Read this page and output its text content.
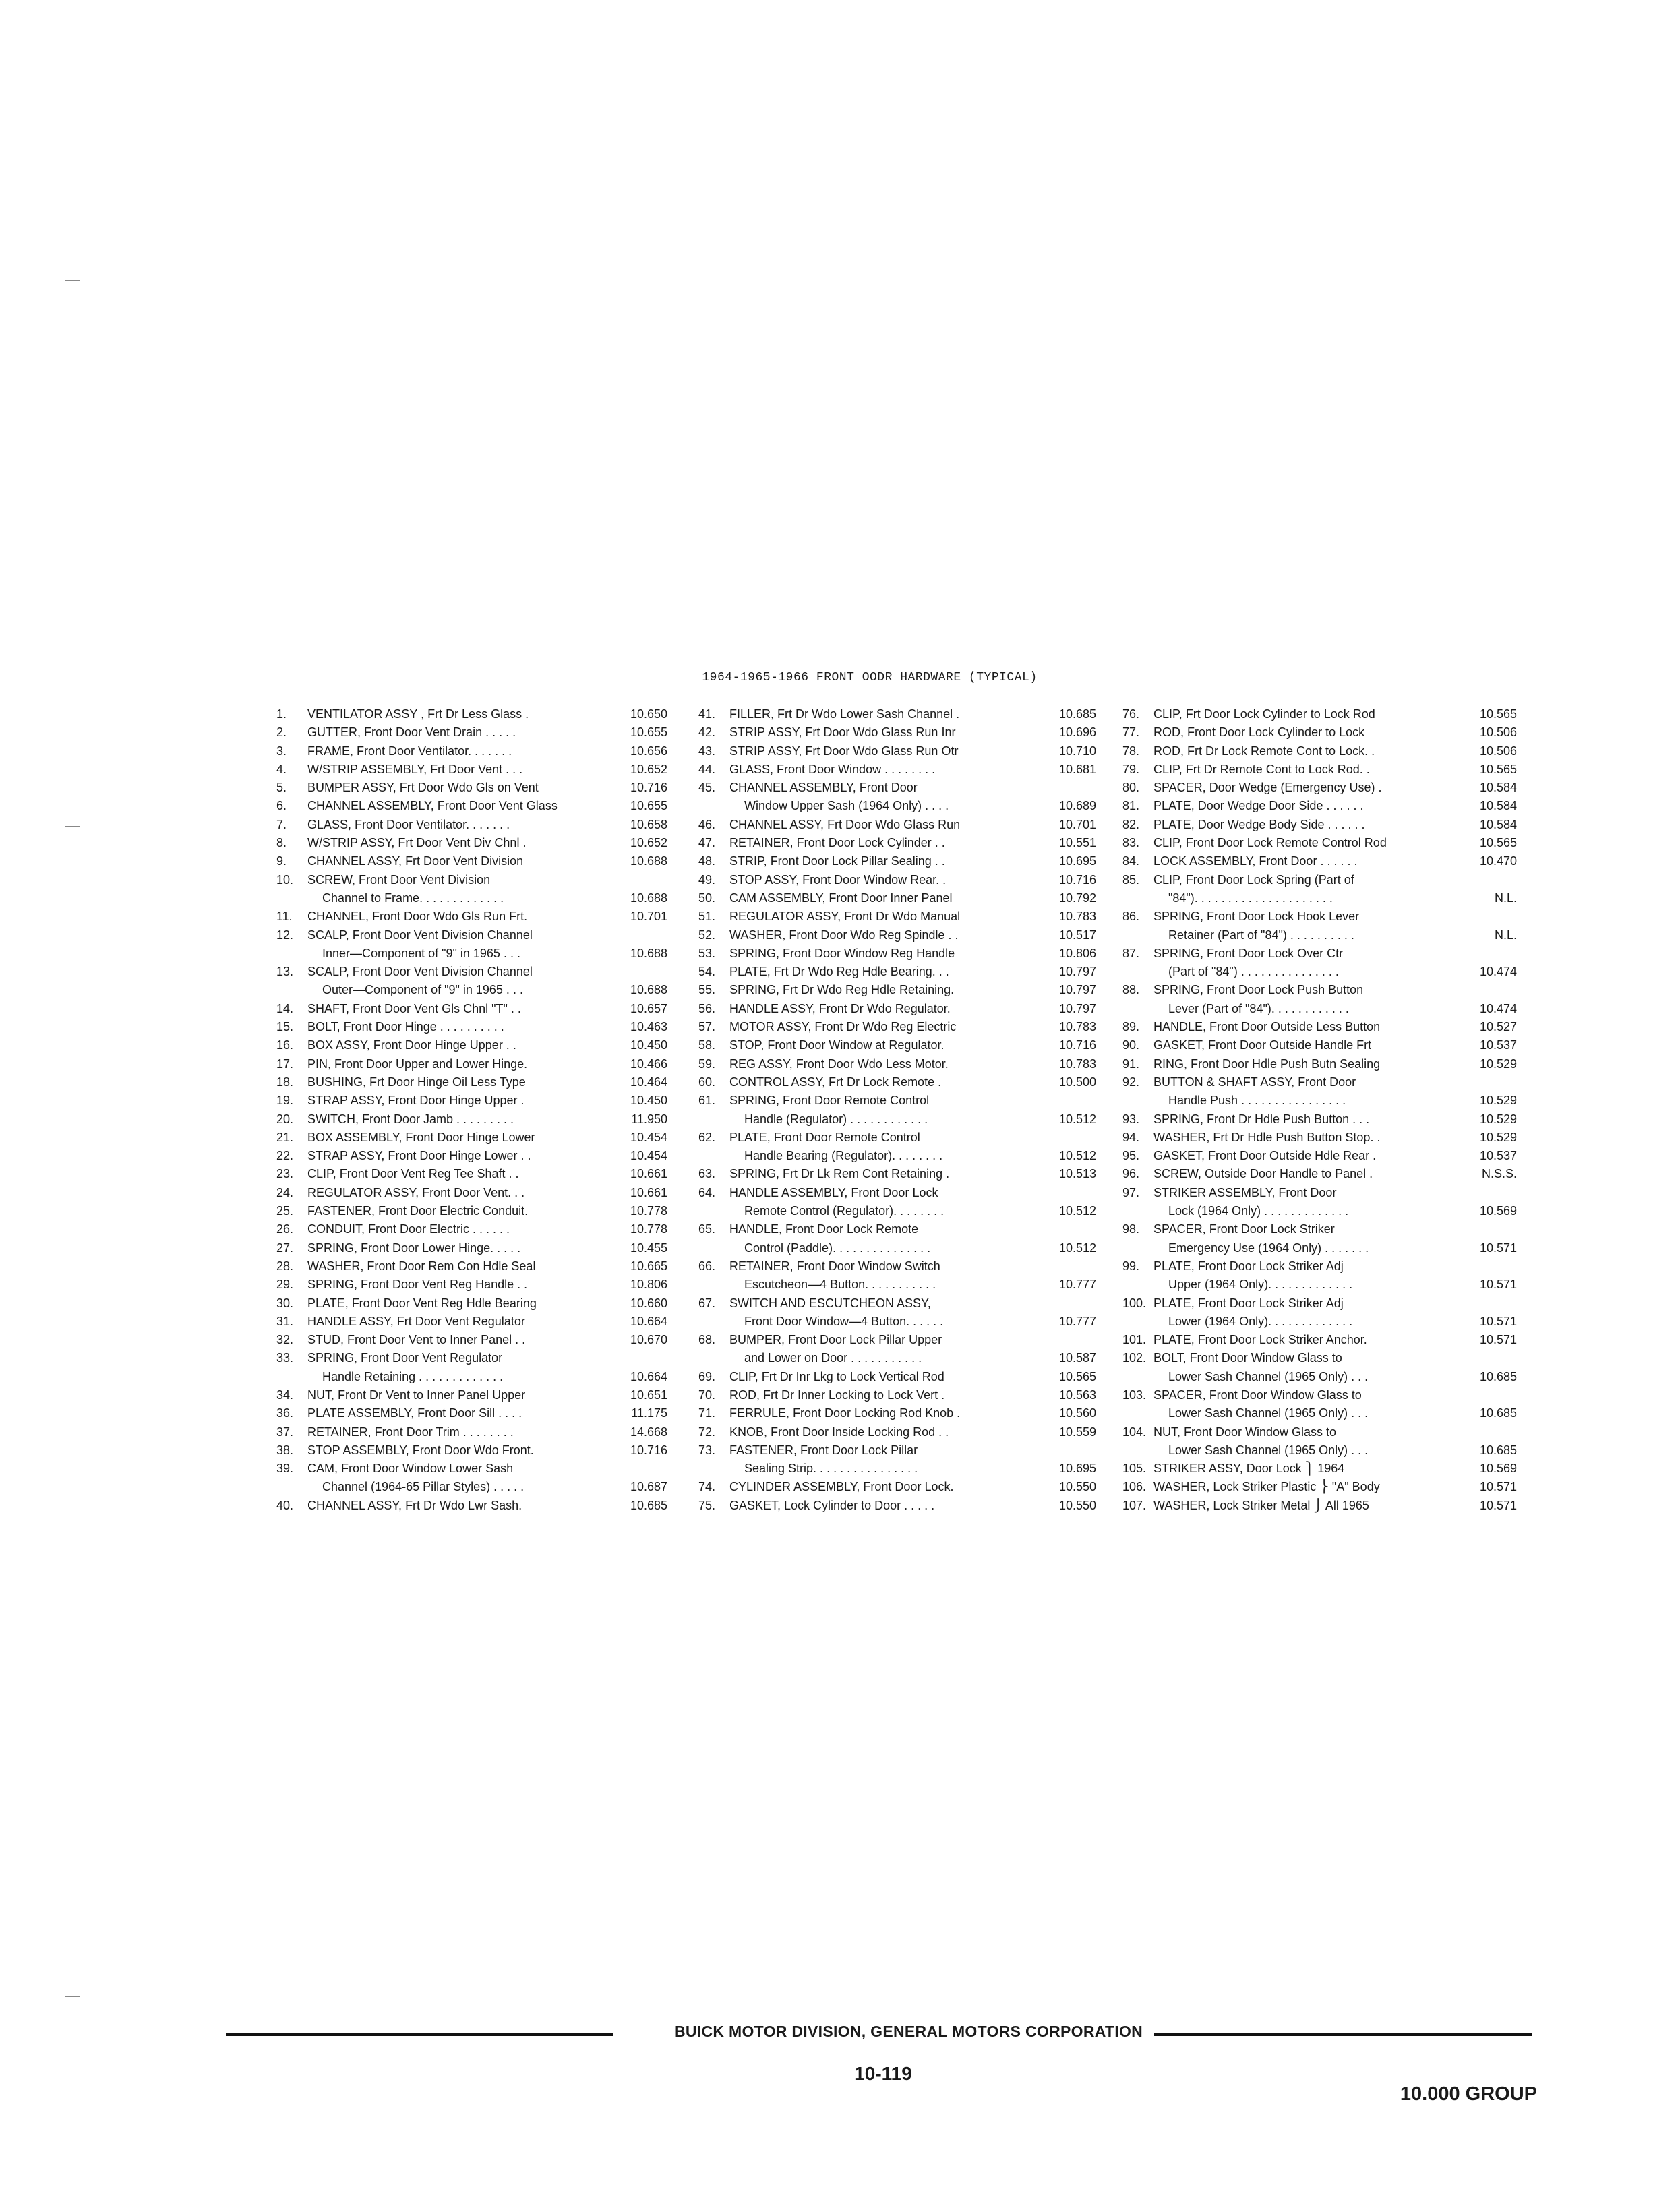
1964-1965-1966 FRONT OODR HARDWARE (TYPICAL)
1.	VENTILATOR ASSY , Frt Dr Less Glass .	10.650
2.	GUTTER, Front Door Vent Drain . . . . .	10.655
3.	FRAME, Front Door Ventilator. . . . . . .	10.656
4.	W/STRIP ASSEMBLY, Frt Door Vent . . .	10.652
5.	BUMPER ASSY, Frt Door Wdo Gls on Vent	10.716
6.	CHANNEL ASSEMBLY, Front Door Vent Glass	10.655
7.	GLASS, Front Door Ventilator. . . . . . .	10.658
8.	W/STRIP ASSY, Frt Door Vent Div Chnl .	10.652
9.	CHANNEL ASSY, Frt Door Vent Division	10.688
10.	SCREW, Front Door Vent Division
Channel to Frame. . . . . . . . . . . . .	10.688
11.	CHANNEL, Front Door Wdo Gls Run Frt.	10.701
12.	SCALP, Front Door Vent Division Channel
Inner—Component of "9" in 1965 . . .	10.688
13.	SCALP, Front Door Vent Division Channel
Outer—Component of "9" in 1965 . . .	10.688
14.	SHAFT, Front Door Vent Gls Chnl "T" . .	10.657
15.	BOLT, Front Door Hinge . . . . . . . . . .	10.463
16.	BOX ASSY, Front Door Hinge Upper . .	10.450
17.	PIN, Front Door Upper and Lower Hinge.	10.466
18.	BUSHING, Frt Door Hinge Oil Less Type	10.464
19.	STRAP ASSY, Front Door Hinge Upper .	10.450
20.	SWITCH, Front Door Jamb . . . . . . . . .	11.950
21.	BOX ASSEMBLY, Front Door Hinge Lower	10.454
22.	STRAP ASSY, Front Door Hinge Lower . .	10.454
23.	CLIP, Front Door Vent Reg Tee Shaft . .	10.661
24.	REGULATOR ASSY, Front Door Vent. . .	10.661
25.	FASTENER, Front Door Electric Conduit.	10.778
26.	CONDUIT, Front Door Electric . . . . . .	10.778
27.	SPRING, Front Door Lower Hinge. . . . .	10.455
28.	WASHER, Front Door Rem Con Hdle Seal	10.665
29.	SPRING, Front Door Vent Reg Handle . .	10.806
30.	PLATE, Front Door Vent Reg Hdle Bearing	10.660
31.	HANDLE ASSY, Frt Door Vent Regulator	10.664
32.	STUD, Front Door Vent to Inner Panel . .	10.670
33.	SPRING, Front Door Vent Regulator
Handle Retaining . . . . . . . . . . . . .	10.664
34.	NUT, Front Dr Vent to Inner Panel Upper	10.651
36.	PLATE ASSEMBLY, Front Door Sill . . . .	11.175
37.	RETAINER, Front Door Trim . . . . . . . .	14.668
38.	STOP ASSEMBLY, Front Door Wdo Front.	10.716
39.	CAM, Front Door Window Lower Sash
Channel (1964-65 Pillar Styles) . . . . .	10.687
40.	CHANNEL ASSY, Frt Dr Wdo Lwr Sash.	10.685
41.	FILLER, Frt Dr Wdo Lower Sash Channel .	10.685
42.	STRIP ASSY, Frt Door Wdo Glass Run Inr	10.696
43.	STRIP ASSY, Frt Door Wdo Glass Run Otr	10.710
44.	GLASS, Front Door Window . . . . . . . .	10.681
45.	CHANNEL ASSEMBLY, Front Door
Window Upper Sash (1964 Only) . . . .	10.689
46.	CHANNEL ASSY, Frt Door Wdo Glass Run	10.701
47.	RETAINER, Front Door Lock Cylinder . .	10.551
48.	STRIP, Front Door Lock Pillar Sealing . .	10.695
49.	STOP ASSY, Front Door Window Rear. .	10.716
50.	CAM ASSEMBLY, Front Door Inner Panel	10.792
51.	REGULATOR ASSY, Front Dr Wdo Manual	10.783
52.	WASHER, Front Door Wdo Reg Spindle . .	10.517
53.	SPRING, Front Door Window Reg Handle	10.806
54.	PLATE, Frt Dr Wdo Reg Hdle Bearing. . .	10.797
55.	SPRING, Frt Dr Wdo Reg Hdle Retaining.	10.797
56.	HANDLE ASSY, Front Dr Wdo Regulator.	10.797
57.	MOTOR ASSY, Front Dr Wdo Reg Electric	10.783
58.	STOP, Front Door Window at Regulator.	10.716
59.	REG ASSY, Front Door Wdo Less Motor.	10.783
60.	CONTROL ASSY, Frt Dr Lock Remote .	10.500
61.	SPRING, Front Door Remote Control
Handle (Regulator) . . . . . . . . . . . .	10.512
62.	PLATE, Front Door Remote Control
Handle Bearing (Regulator). . . . . . . .	10.512
63.	SPRING, Frt Dr Lk Rem Cont Retaining .	10.513
64.	HANDLE ASSEMBLY, Front Door Lock
Remote Control (Regulator). . . . . . . .	10.512
65.	HANDLE, Front Door Lock Remote
Control (Paddle). . . . . . . . . . . . . . .	10.512
66.	RETAINER, Front Door Window Switch
Escutcheon—4 Button. . . . . . . . . . .	10.777
67.	SWITCH AND ESCUTCHEON ASSY,
Front Door Window—4 Button. . . . . .	10.777
68.	BUMPER, Front Door Lock Pillar Upper
and Lower on Door . . . . . . . . . . .	10.587
69.	CLIP, Frt Dr Inr Lkg to Lock Vertical Rod	10.565
70.	ROD, Frt Dr Inner Locking to Lock Vert .	10.563
71.	FERRULE, Front Door Locking Rod Knob .	10.560
72.	KNOB, Front Door Inside Locking Rod . .	10.559
73.	FASTENER, Front Door Lock Pillar
Sealing Strip. . . . . . . . . . . . . . . .	10.695
74.	CYLINDER ASSEMBLY, Front Door Lock.	10.550
75.	GASKET, Lock Cylinder to Door . . . . .	10.550
76.	CLIP, Frt Door Lock Cylinder to Lock Rod	10.565
77.	ROD, Front Door Lock Cylinder to Lock	10.506
78.	ROD, Frt Dr Lock Remote Cont to Lock. .	10.506
79.	CLIP, Frt Dr Remote Cont to Lock Rod. .	10.565
80.	SPACER, Door Wedge (Emergency Use) .	10.584
81.	PLATE, Door Wedge Door Side . . . . . .	10.584
82.	PLATE, Door Wedge Body Side . . . . . .	10.584
83.	CLIP, Front Door Lock Remote Control Rod	10.565
84.	LOCK ASSEMBLY, Front Door . . . . . .	10.470
85.	CLIP, Front Door Lock Spring (Part of
"84"). . . . . . . . . . . . . . . . . . . . .	N.L.
86.	SPRING, Front Door Lock Hook Lever
Retainer (Part of "84") . . . . . . . . . .	N.L.
87.	SPRING, Front Door Lock Over Ctr
(Part of "84") . . . . . . . . . . . . . . .	10.474
88.	SPRING, Front Door Lock Push Button
Lever (Part of "84"). . . . . . . . . . . .	10.474
89.	HANDLE, Front Door Outside Less Button	10.527
90.	GASKET, Front Door Outside Handle Frt	10.537
91.	RING, Front Door Hdle Push Butn Sealing	10.529
92.	BUTTON & SHAFT ASSY, Front Door
Handle Push . . . . . . . . . . . . . . . .	10.529
93.	SPRING, Front Dr Hdle Push Button . . .	10.529
94.	WASHER, Frt Dr Hdle Push Button Stop. .	10.529
95.	GASKET, Front Door Outside Hdle Rear .	10.537
96.	SCREW, Outside Door Handle to Panel .	N.S.S.
97.	STRIKER ASSEMBLY, Front Door
Lock (1964 Only) . . . . . . . . . . . . .	10.569
98.	SPACER, Front Door Lock Striker
Emergency Use (1964 Only) . . . . . . .	10.571
99.	PLATE, Front Door Lock Striker Adj
Upper (1964 Only). . . . . . . . . . . . .	10.571
100. PLATE, Front Door Lock Striker Adj
Lower (1964 Only). . . . . . . . . . . . .	10.571
101. PLATE, Front Door Lock Striker Anchor.	10.571
102. BOLT, Front Door Window Glass to
Lower Sash Channel (1965 Only) . . .	10.685
103. SPACER, Front Door Window Glass to
Lower Sash Channel (1965 Only) . . .	10.685
104. NUT, Front Door Window Glass to
Lower Sash Channel (1965 Only) . . .	10.685
105. STRIKER ASSY, Door Lock ⎫ 1964	10.569
106. WASHER, Lock Striker Plastic ⎬ "A" Body	10.571
107. WASHER, Lock Striker Metal ⎭ All 1965	10.571
BUICK MOTOR DIVISION, GENERAL MOTORS CORPORATION
10-119
10.000 GROUP
